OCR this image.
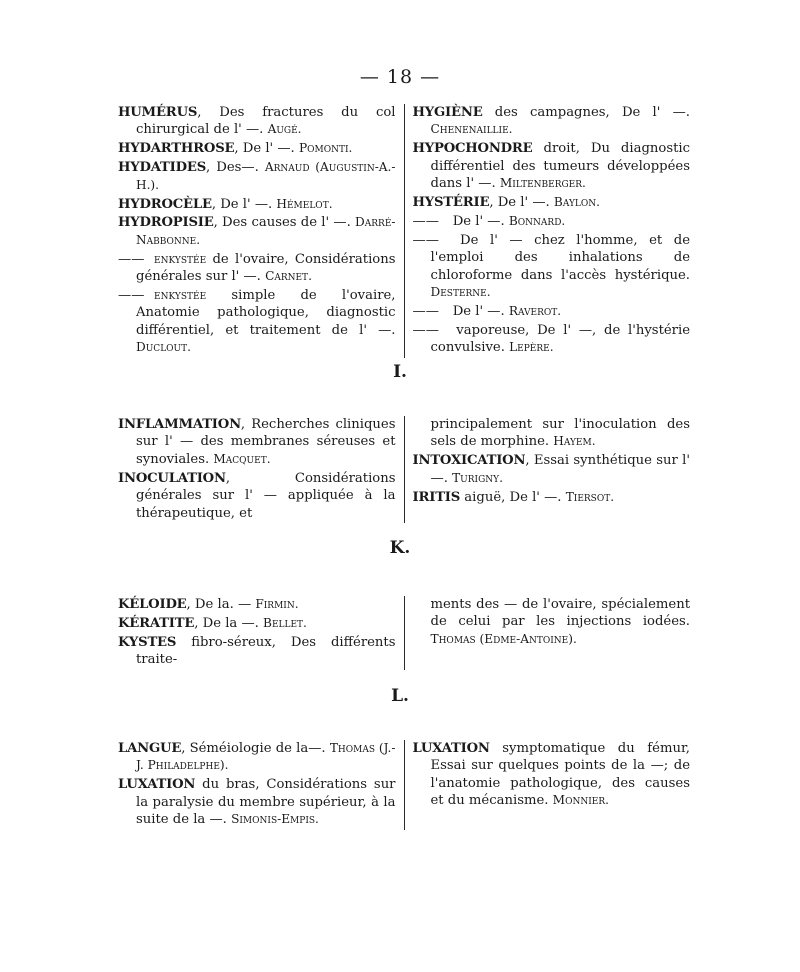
— 18 —
I.
K.
L.

HUMÉRUS, Des fractures du col chirurgical de l' —. Augé.

HYDARTHROSE, De l' —. Pomonti.

HYDATIDES, Des—. Arnaud (Augustin-A.-H.).

HYDROCÈLE, De l' —. Hémelot.

HYDROPISIE, Des causes de l' —. Darré-Nabbonne.

—— enkystée de l'ovaire, Considérations générales sur l' —. Carnet.

—— enkystée simple de l'ovaire, Anatomie pathologique, diagnostic différentiel, et traitement de l' —. Duclout.

HYGIÈNE des campagnes, De l' —. Chenenaillie.

HYPOCHONDRE droit, Du diagnostic différentiel des tumeurs développées dans l' —. Miltenberger.

HYSTÉRIE, De l' —. Baylon.

—— De l' —. Bonnard.

—— De l' — chez l'homme, et de l'emploi des inhalations de chloroforme dans l'accès hystérique. Desterne.

—— De l' —. Raverot.

—— vaporeuse, De l' —, de l'hystérie convulsive. Lepère.

INFLAMMATION, Recherches cliniques sur l' — des membranes séreuses et synoviales. Macquet.

INOCULATION, Considérations générales sur l' — appliquée à la thérapeutique, et

principalement sur l'inoculation des sels de morphine. Hayem.

INTOXICATION, Essai synthétique sur l' —. Turigny.

IRITIS aiguë, De l' —. Tiersot.

KÉLOIDE, De la. — Firmin.

KÉRATITE, De la —. Bellet.

KYSTES fibro-séreux, Des différents traite-

ments des — de l'ovaire, spécialement de celui par les injections iodées. Thomas (Edme-Antoine).

LANGUE, Séméiologie de la—. Thomas (J.-J. Philadelphe).

LUXATION du bras, Considérations sur la paralysie du membre supérieur, à la suite de la —. Simonis-Empis.

LUXATION symptomatique du fémur, Essai sur quelques points de la —; de l'anatomie pathologique, des causes et du mécanisme. Monnier.
